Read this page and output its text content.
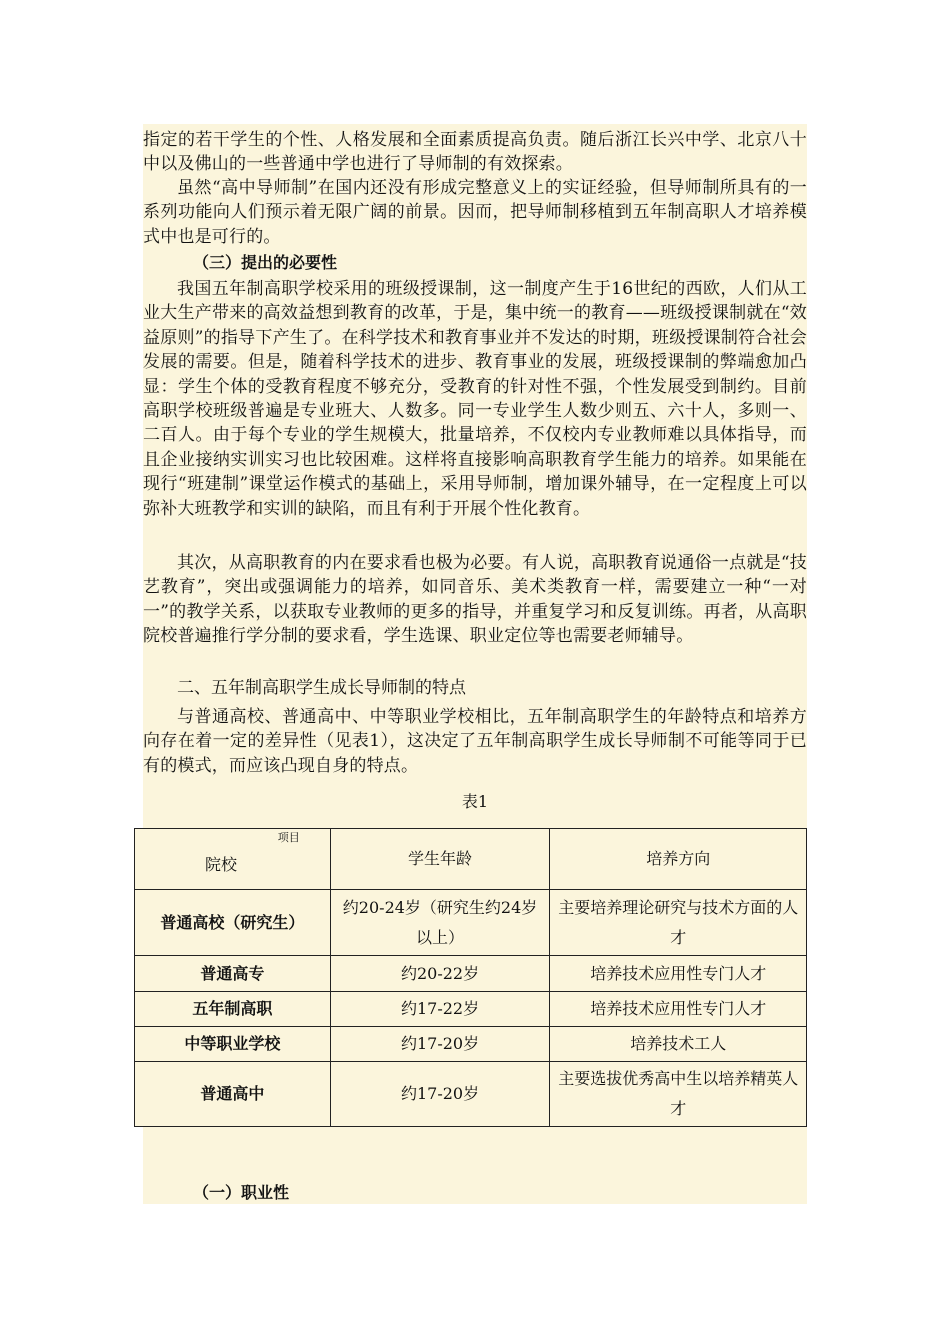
指定的若干学生的个性、人格发展和全面素质提高负责。随后浙江长兴中学、北京八十中以及佛山的一些普通中学也进行了导师制的有效探索。

虽然“高中导师制”在国内还没有形成完整意义上的实证经验，但导师制所具有的一系列功能向人们预示着无限广阔的前景。因而，把导师制移植到五年制高职人才培养模式中也是可行的。

（三）提出的必要性

我国五年制高职学校采用的班级授课制，这一制度产生于16世纪的西欧，人们从工业大生产带来的高效益想到教育的改革，于是，集中统一的教育——班级授课制就在“效益原则”的指导下产生了。在科学技术和教育事业并不发达的时期，班级授课制符合社会发展的需要。但是，随着科学技术的进步、教育事业的发展，班级授课制的弊端愈加凸显：学生个体的受教育程度不够充分，受教育的针对性不强，个性发展受到制约。目前高职学校班级普遍是专业班大、人数多。同一专业学生人数少则五、六十人，多则一、二百人。由于每个专业的学生规模大，批量培养，不仅校内专业教师难以具体指导，而且企业接纳实训实习也比较困难。这样将直接影响高职教育学生能力的培养。如果能在现行“班建制”课堂运作模式的基础上，采用导师制，增加课外辅导，在一定程度上可以弥补大班教学和实训的缺陷，而且有利于开展个性化教育。

其次，从高职教育的内在要求看也极为必要。有人说，高职教育说通俗一点就是“技艺教育”，突出或强调能力的培养，如同音乐、美术类教育一样，需要建立一种“一对一”的教学关系，以获取专业教师的更多的指导，并重复学习和反复训练。再者，从高职院校普遍推行学分制的要求看，学生选课、职业定位等也需要老师辅导。

二、五年制高职学生成长导师制的特点

与普通高校、普通高中、中等职业学校相比，五年制高职学生的年龄特点和培养方向存在着一定的差异性（见表1），这决定了五年制高职学生成长导师制不可能等同于已有的模式，而应该凸现自身的特点。

表1

项目
院校	学生年龄	培养方向
普通高校（研究生）	约20-24岁（研究生约24岁以上）	主要培养理论研究与技术方面的人才
普通高专	约20-22岁	培养技术应用性专门人才
五年制高职	约17-22岁	培养技术应用性专门人才
中等职业学校	约17-20岁	培养技术工人
普通高中	约17-20岁	主要选拔优秀高中生以培养精英人才

（一）职业性
